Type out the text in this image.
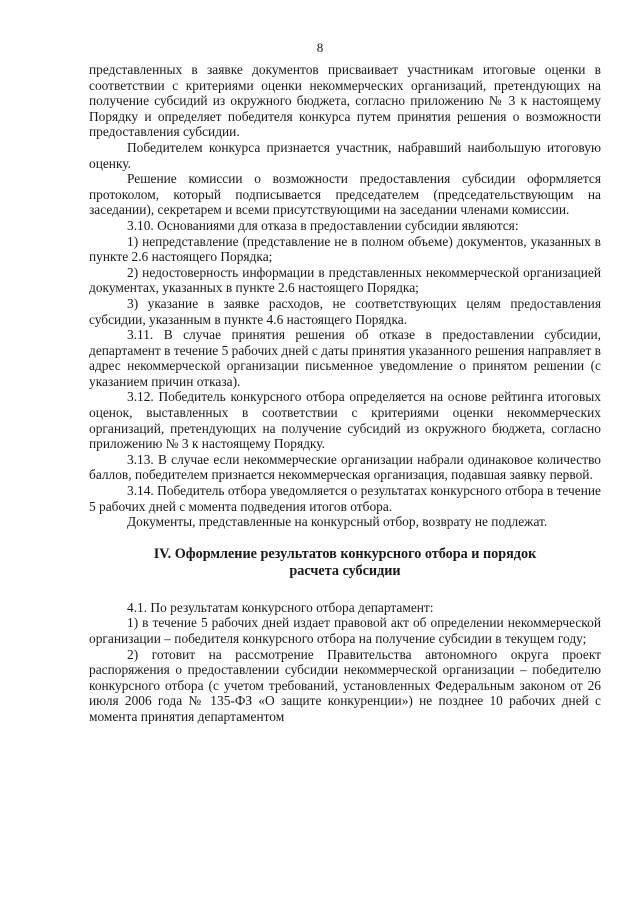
8

представленных в заявке документов присваивает участникам итоговые оценки в соответствии с критериями оценки некоммерческих организаций, претендующих на получение субсидий из окружного бюджета, согласно приложению № 3 к настоящему Порядку и определяет победителя конкурса путем принятия решения о возможности предоставления субсидии.

Победителем конкурса признается участник, набравший наибольшую итоговую оценку.

Решение комиссии о возможности предоставления субсидии оформляется протоколом, который подписывается председателем (председательствующим на заседании), секретарем и всеми присутствующими на заседании членами комиссии.

3.10. Основаниями для отказа в предоставлении субсидии являются:

1) непредставление (представление не в полном объеме) документов, указанных в пункте 2.6 настоящего Порядка;

2) недостоверность информации в представленных некоммерческой организацией документах, указанных в пункте 2.6 настоящего Порядка;

3) указание в заявке расходов, не соответствующих целям предоставления субсидии, указанным в пункте 4.6 настоящего Порядка.

3.11. В случае принятия решения об отказе в предоставлении субсидии, департамент в течение 5 рабочих дней с даты принятия указанного решения направляет в адрес некоммерческой организации письменное уведомление о принятом решении (с указанием причин отказа).

3.12. Победитель конкурсного отбора определяется на основе рейтинга итоговых оценок, выставленных в соответствии с критериями оценки некоммерческих организаций, претендующих на получение субсидий из окружного бюджета, согласно приложению № 3 к настоящему Порядку.

3.13. В случае если некоммерческие организации набрали одинаковое количество баллов, победителем признается некоммерческая организация, подавшая заявку первой.

3.14. Победитель отбора уведомляется о результатах конкурсного отбора в течение 5 рабочих дней с момента подведения итогов отбора.

Документы, представленные на конкурсный отбор, возврату не подлежат.

IV. Оформление результатов конкурсного отбора и порядок
расчета субсидии

4.1. По результатам конкурсного отбора департамент:

1) в течение 5 рабочих дней издает правовой акт об определении некоммерческой организации – победителя конкурсного отбора на получение субсидии в текущем году;

2) готовит на рассмотрение Правительства автономного округа проект распоряжения о предоставлении субсидии некоммерческой организации – победителю конкурсного отбора (с учетом требований, установленных Федеральным законом от 26 июля 2006 года № 135-ФЗ «О защите конкуренции») не позднее 10 рабочих дней с момента принятия департаментом
